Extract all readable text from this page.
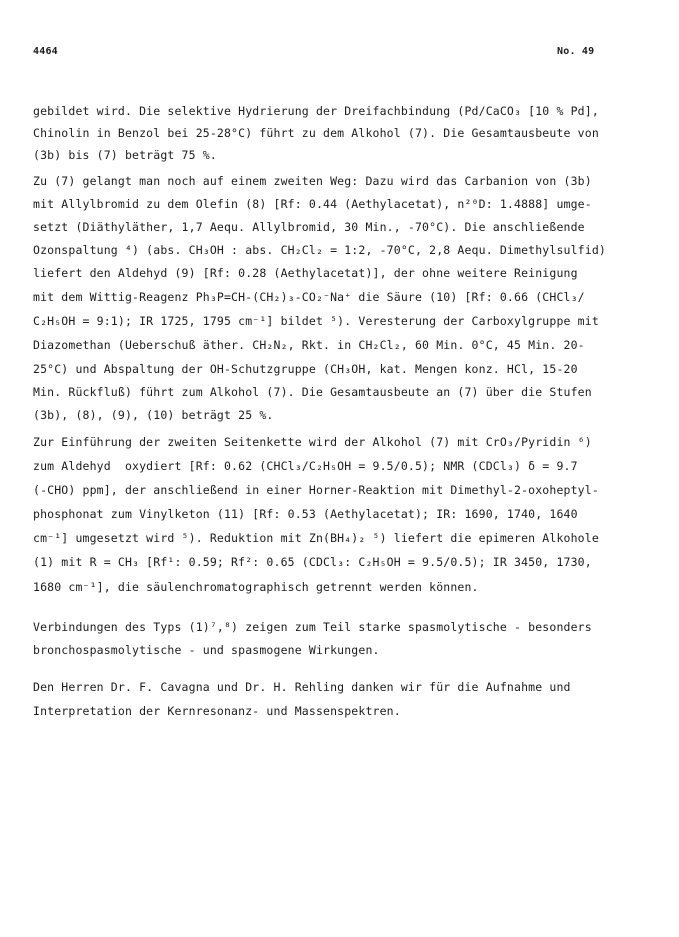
4464	No. 49
gebildet wird. Die selektive Hydrierung der Dreifachbindung (Pd/CaCO₃ [10 % Pd],
Chinolin in Benzol bei 25-28°C) führt zu dem Alkohol (7). Die Gesamtausbeute von
(3b) bis (7) beträgt 75 %.
Zu (7) gelangt man noch auf einem zweiten Weg: Dazu wird das Carbanion von (3b)
mit Allylbromid zu dem Olefin (8) [Rf: 0.44 (Aethylacetat), n²⁰D: 1.4888] umge-
setzt (Diäthyläther, 1,7 Aequ. Allylbromid, 30 Min., -70°C). Die anschließende
Ozonspaltung ⁴) (abs. CH₃OH : abs. CH₂Cl₂ = 1:2, -70°C, 2,8 Aequ. Dimethylsulfid)
liefert den Aldehyd (9) [Rf: 0.28 (Aethylacetat)], der ohne weitere Reinigung
mit dem Wittig-Reagenz Ph₃P=CH-(CH₂)₃-CO₂⁻Na⁺ die Säure (10) [Rf: 0.66 (CHCl₃/
C₂H₅OH = 9:1); IR 1725, 1795 cm⁻¹] bildet ⁵). Veresterung der Carboxylgruppe mit
Diazomethan (Ueberschuß äther. CH₂N₂, Rkt. in CH₂Cl₂, 60 Min. 0°C, 45 Min. 20-
25°C) und Abspaltung der OH-Schutzgruppe (CH₃OH, kat. Mengen konz. HCl, 15-20
Min. Rückfluß) führt zum Alkohol (7). Die Gesamtausbeute an (7) über die Stufen
(3b), (8), (9), (10) beträgt 25 %.
Zur Einführung der zweiten Seitenkette wird der Alkohol (7) mit CrO₃/Pyridin ⁶)
zum Aldehyd  oxydiert [Rf: 0.62 (CHCl₃/C₂H₅OH = 9.5/0.5); NMR (CDCl₃) δ = 9.7
(-CHO) ppm], der anschließend in einer Horner-Reaktion mit Dimethyl-2-oxoheptyl-
phosphonat zum Vinylketon (11) [Rf: 0.53 (Aethylacetat); IR: 1690, 1740, 1640
cm⁻¹] umgesetzt wird ⁵). Reduktion mit Zn(BH₄)₂ ⁵) liefert die epimeren Alkohole
(1) mit R = CH₃ [Rf¹: 0.59; Rf²: 0.65 (CDCl₃: C₂H₅OH = 9.5/0.5); IR 3450, 1730,
1680 cm⁻¹], die säulenchromatographisch getrennt werden können.
Verbindungen des Typs (1)⁷,⁸) zeigen zum Teil starke spasmolytische - besonders
bronchospasmolytische - und spasmogene Wirkungen.
Den Herren Dr. F. Cavagna und Dr. H. Rehling danken wir für die Aufnahme und
Interpretation der Kernresonanz- und Massenspektren.
